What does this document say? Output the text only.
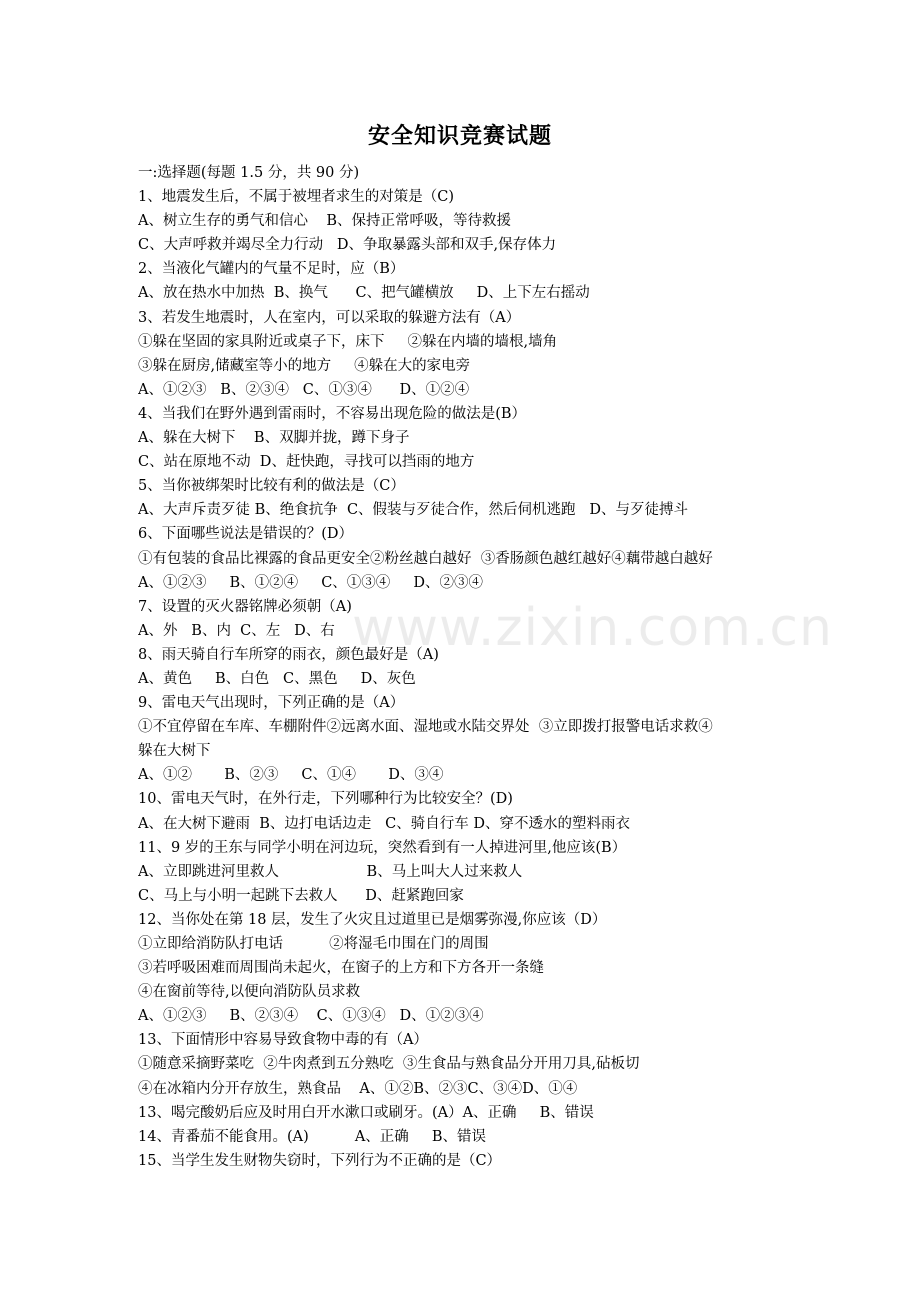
安全知识竞赛试题
www.zixin.com.cn
一:选择题(每题 1.5 分，共 90 分)
1、地震发生后，不属于被埋者求生的对策是（C)
A、树立生存的勇气和信心    B、保持正常呼吸，等待救援
C、大声呼救并竭尽全力行动   D、争取暴露头部和双手,保存体力
2、当液化气罐内的气量不足时，应（B）
A、放在热水中加热  B、换气      C、把气罐横放     D、上下左右摇动
3、若发生地震时，人在室内，可以采取的躲避方法有（A）
①躲在坚固的家具附近或桌子下，床下     ②躲在内墙的墙根,墙角
③躲在厨房,储藏室等小的地方     ④躲在大的家电旁
A、①②③   B、②③④   C、①③④      D、①②④
4、当我们在野外遇到雷雨时，不容易出现危险的做法是(B）
A、躲在大树下    B、双脚并拢，蹲下身子
C、站在原地不动  D、赶快跑，寻找可以挡雨的地方
5、当你被绑架时比较有利的做法是（C）
A、大声斥责歹徒 B、绝食抗争  C、假装与歹徒合作，然后伺机逃跑   D、与歹徒搏斗
6、下面哪些说法是错误的？(D）
①有包装的食品比裸露的食品更安全②粉丝越白越好  ③香肠颜色越红越好④藕带越白越好
A、①②③     B、①②④     C、①③④     D、②③④
7、设置的灭火器铭牌必须朝（A)
A、外   B、内  C、左   D、右
8、雨天骑自行车所穿的雨衣，颜色最好是（A)
A、黄色     B、白色   C、黑色     D、灰色
9、雷电天气出现时，下列正确的是（A）
①不宜停留在车库、车棚附件②远离水面、湿地或水陆交界处  ③立即拨打报警电话求救④
躲在大树下
A、①②       B、②③     C、①④       D、③④
10、雷电天气时，在外行走，下列哪种行为比较安全？(D)
A、在大树下避雨  B、边打电话边走   C、骑自行车 D、穿不透水的塑料雨衣
11、9 岁的王东与同学小明在河边玩，突然看到有一人掉进河里,他应该(B）
A、立即跳进河里救人                   B、马上叫大人过来救人
C、马上与小明一起跳下去救人      D、赶紧跑回家
12、当你处在第 18 层，发生了火灾且过道里已是烟雾弥漫,你应该（D）
①立即给消防队打电话          ②将湿毛巾围在门的周围
③若呼吸困难而周围尚未起火，在窗子的上方和下方各开一条缝
④在窗前等待,以便向消防队员求救
A、①②③     B、②③④    C、①③④   D、①②③④
13、下面情形中容易导致食物中毒的有（A）
①随意采摘野菜吃  ②牛肉煮到五分熟吃  ③生食品与熟食品分开用刀具,砧板切
④在冰箱内分开存放生，熟食品    A、①②B、②③C、③④D、①④
13、喝完酸奶后应及时用白开水漱口或刷牙。(A）A、正确     B、错误
14、青番茄不能食用。(A)          A、正确     B、错误
15、当学生发生财物失窃时，下列行为不正确的是（C）
